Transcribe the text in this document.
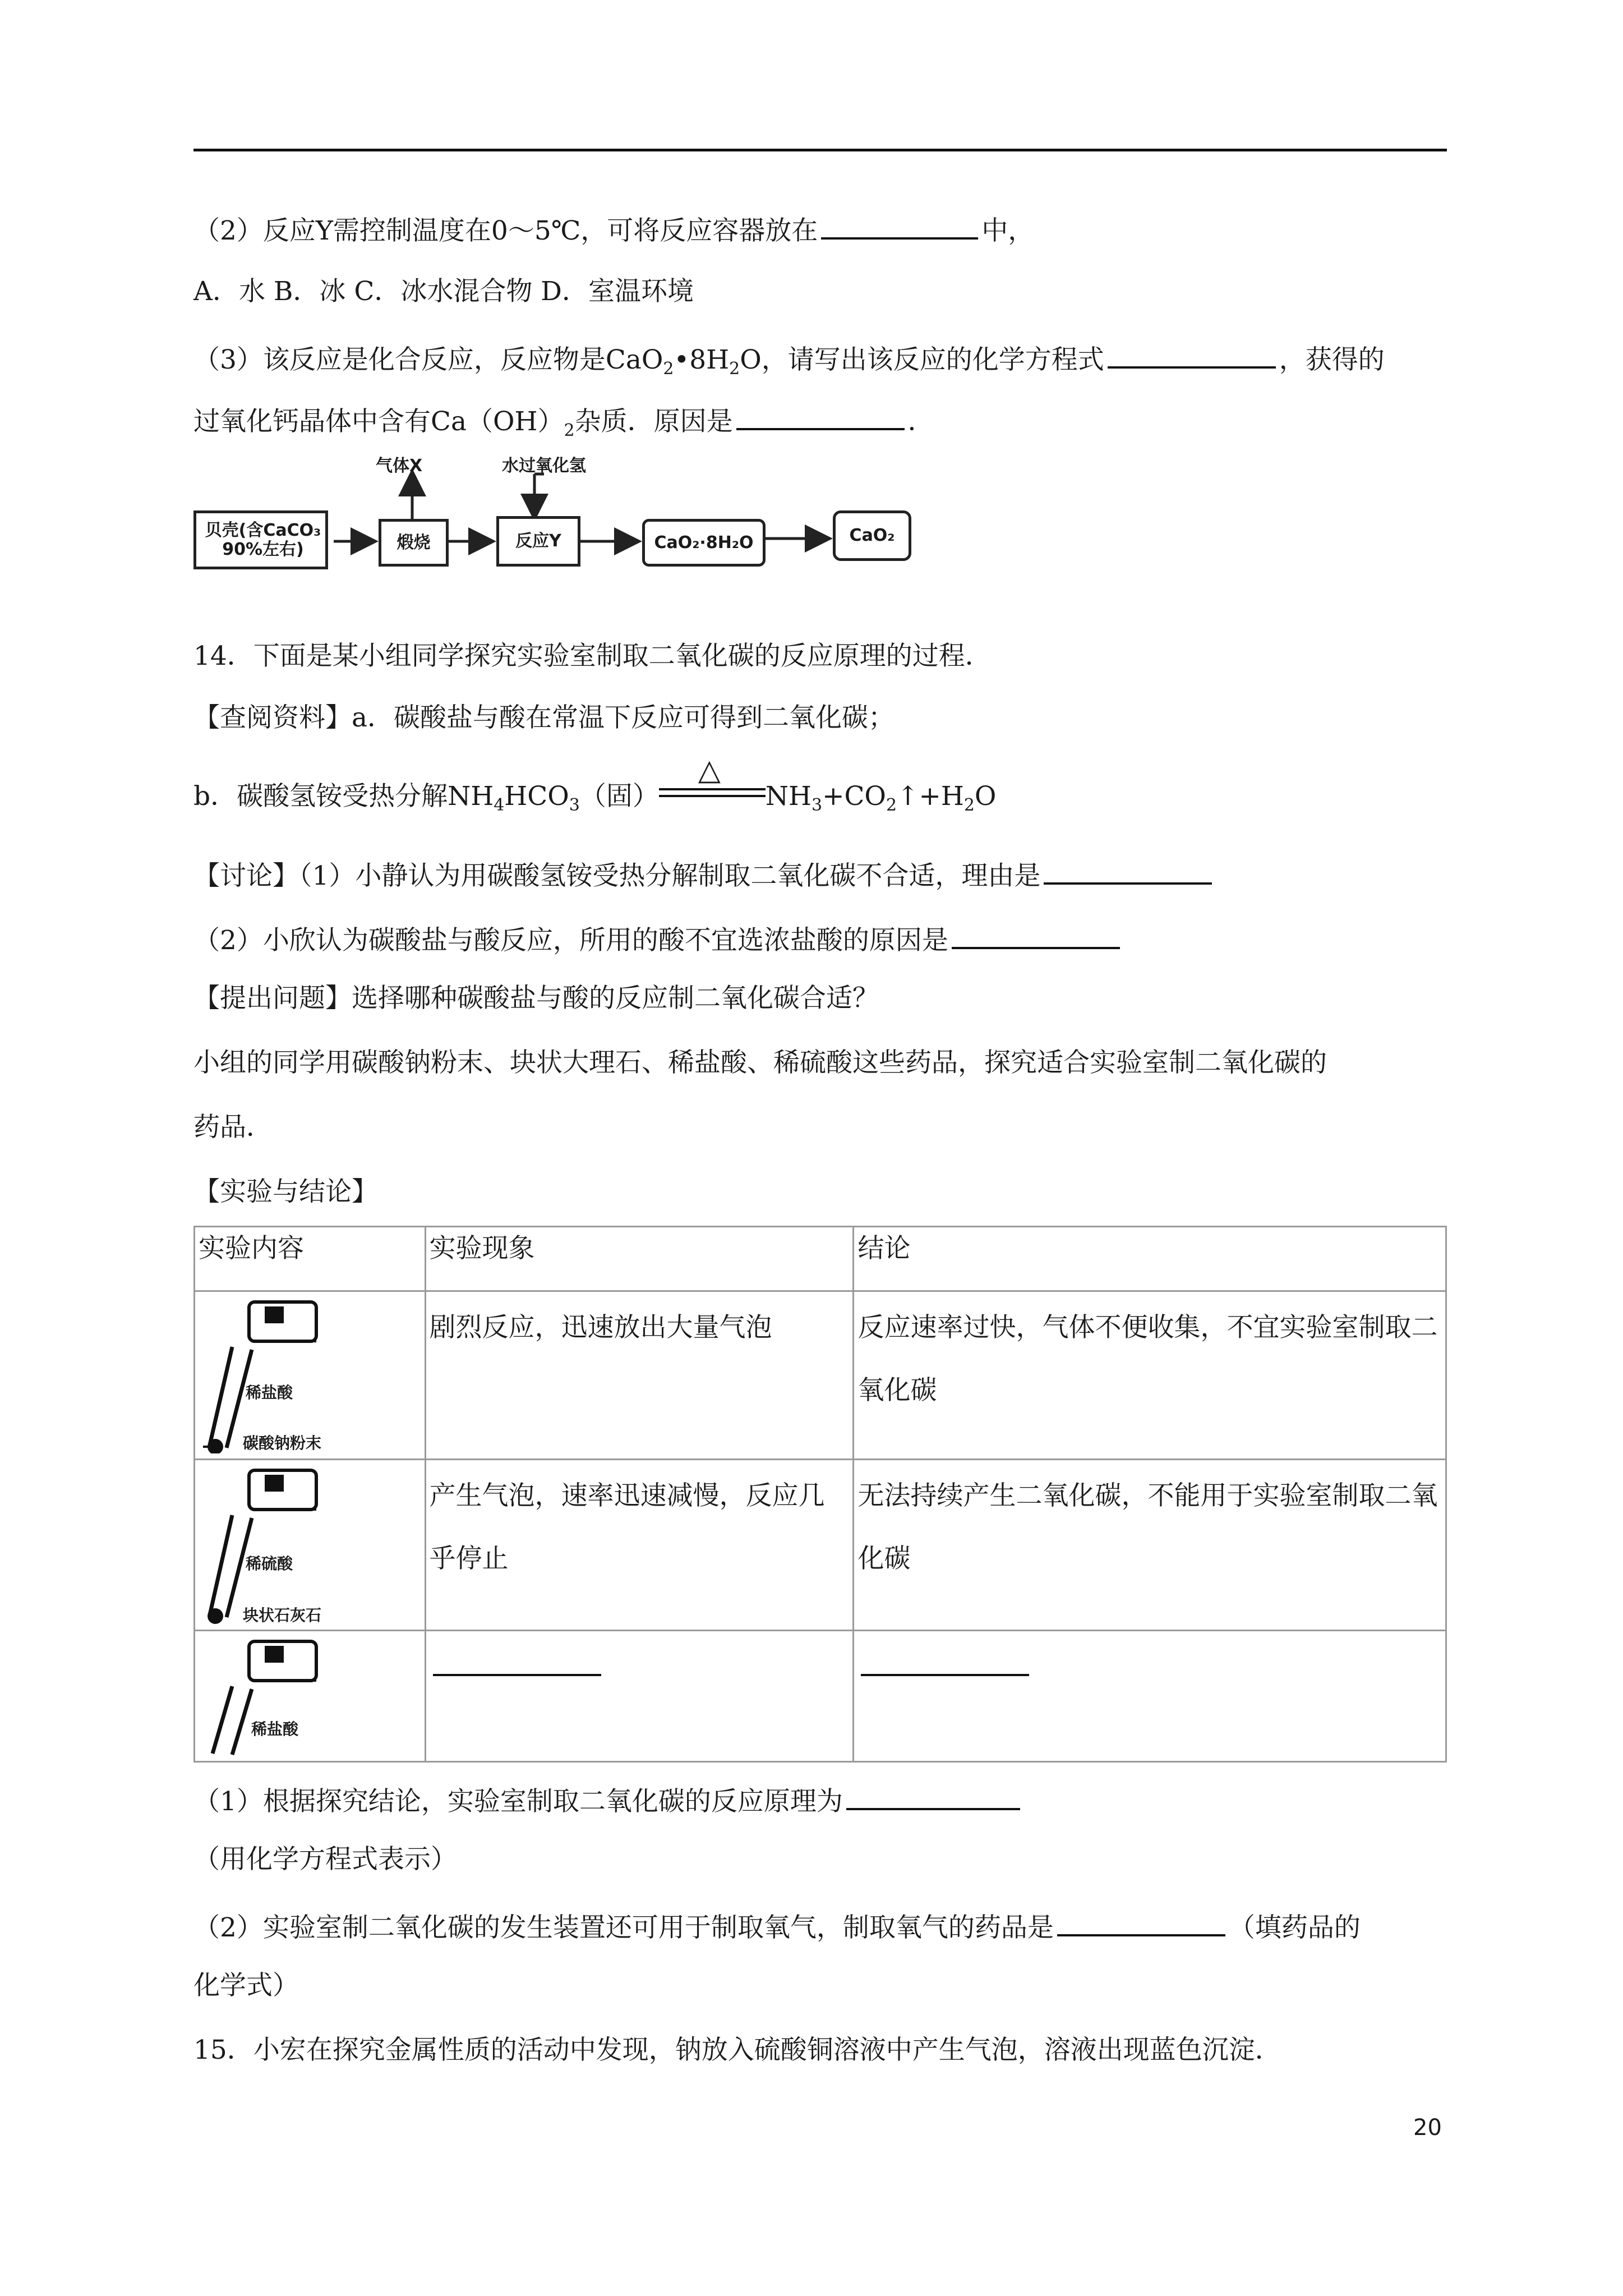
（2）反应Y需控制温度在0～5℃，可将反应容器放在	中，
A．水 B．冰 C．冰水混合物 D．室温环境
（3）该反应是化合反应，反应物是$CaO_2•8H_2O$，请写出该反应的化学方程式	，获得的
过氧化钙晶体中含有$Ca(OH)_2$杂质．原因是	．
贝壳(含CaCO₃ 90%左右)
气体X	水过氧化氢
煅烧	反应Y	CaO₂·8H₂O	CaO₂
14．下面是某小组同学探究实验室制取二氧化碳的反应原理的过程．
【查阅资料】a．碳酸盐与酸在常温下反应可得到二氧化碳；
b．碳酸氢铵受热分解$NH_4HCO_3$（固）
△
$NH_3+CO_2↑+H_2O$
【讨论】（1）小静认为用碳酸氢铵受热分解制取二氧化碳不合适，理由是
（2）小欣认为碳酸盐与酸反应，所用的酸不宜选浓盐酸的原因是
【提出问题】选择哪种碳酸盐与酸的反应制二氧化碳合适？
小组的同学用碳酸钠粉末、块状大理石、稀盐酸、稀硫酸这些药品，探究适合实验室制二氧化碳的
药品．
【实验与结论】
实验内容	实验现象	结论

稀盐酸
碳酸钠粉末	剧烈反应，迅速放出大量气泡	反应速率过快，气体不便收集，不宜实验室制取二氧化碳

稀硫酸
块状石灰石	产生气泡，速率迅速减慢，反应几乎停止	无法持续产生二氧化碳，不能用于实验室制取二氧化碳

稀盐酸		

（1）根据探究结论，实验室制取二氧化碳的反应原理为
（用化学方程式表示）
（2）实验室制二氧化碳的发生装置还可用于制取氧气，制取氧气的药品是	（填药品的
化学式）
15．小宏在探究金属性质的活动中发现，钠放入硫酸铜溶液中产生气泡，溶液出现蓝色沉淀．
20
